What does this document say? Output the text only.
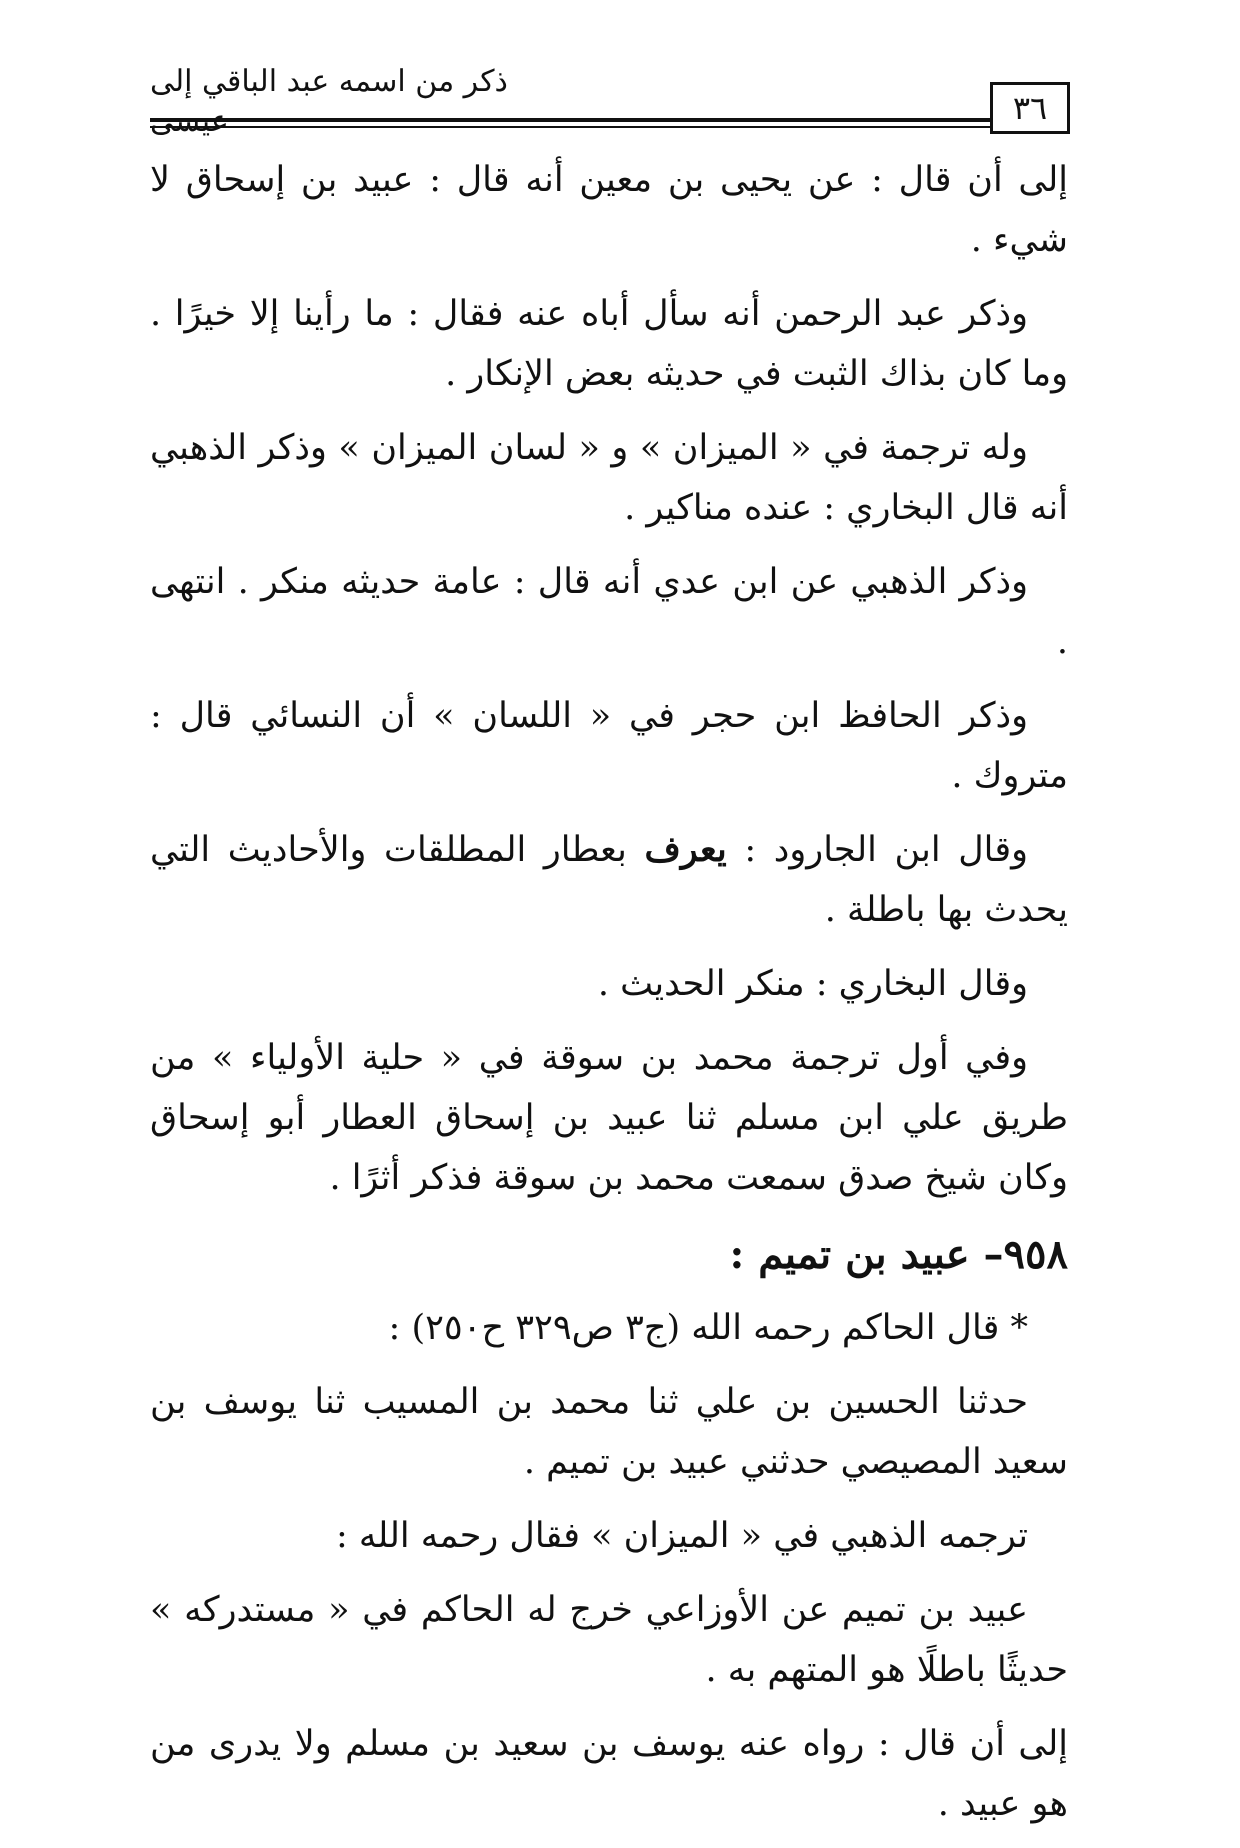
ذكر من اسمه عبد الباقي إلى
٣٦

إلى أن قال : عن يحيى بن معين أنه قال : عبيد بن إسحاق لا شيء .

وذكر عبد الرحمن أنه سأل أباه عنه فقال : ما رأينا إلا خيرًا . وما كان بذاك الثبت في حديثه بعض الإنكار .

وله ترجمة في « الميزان » و « لسان الميزان » وذكر الذهبي أنه قال البخاري : عنده مناكير .

وذكر الذهبي عن ابن عدي أنه قال : عامة حديثه منكر . انتهى .

وذكر الحافظ ابن حجر في « اللسان » أن النسائي قال : متروك .

وقال ابن الجارود : يعرف بعطار المطلقات والأحاديث التي يحدث بها باطلة .

وقال البخاري : منكر الحديث .

وفي أول ترجمة محمد بن سوقة في « حلية الأولياء » من طريق علي ابن مسلم ثنا عبيد بن إسحاق العطار أبو إسحاق وكان شيخ صدق سمعت محمد بن سوقة فذكر أثرًا .

٩٥٨– عبيد بن تميم :

* قال الحاكم رحمه الله (ج٣ ص٣٢٩ ح٢٥٠) :

حدثنا الحسين بن علي ثنا محمد بن المسيب ثنا يوسف بن سعيد المصيصي حدثني عبيد بن تميم .

ترجمه الذهبي في « الميزان » فقال رحمه الله :

عبيد بن تميم عن الأوزاعي خرج له الحاكم في « مستدركه » حديثًا باطلًا هو المتهم به .

إلى أن قال : رواه عنه يوسف بن سعيد بن مسلم ولا يدرى من هو عبيد .
